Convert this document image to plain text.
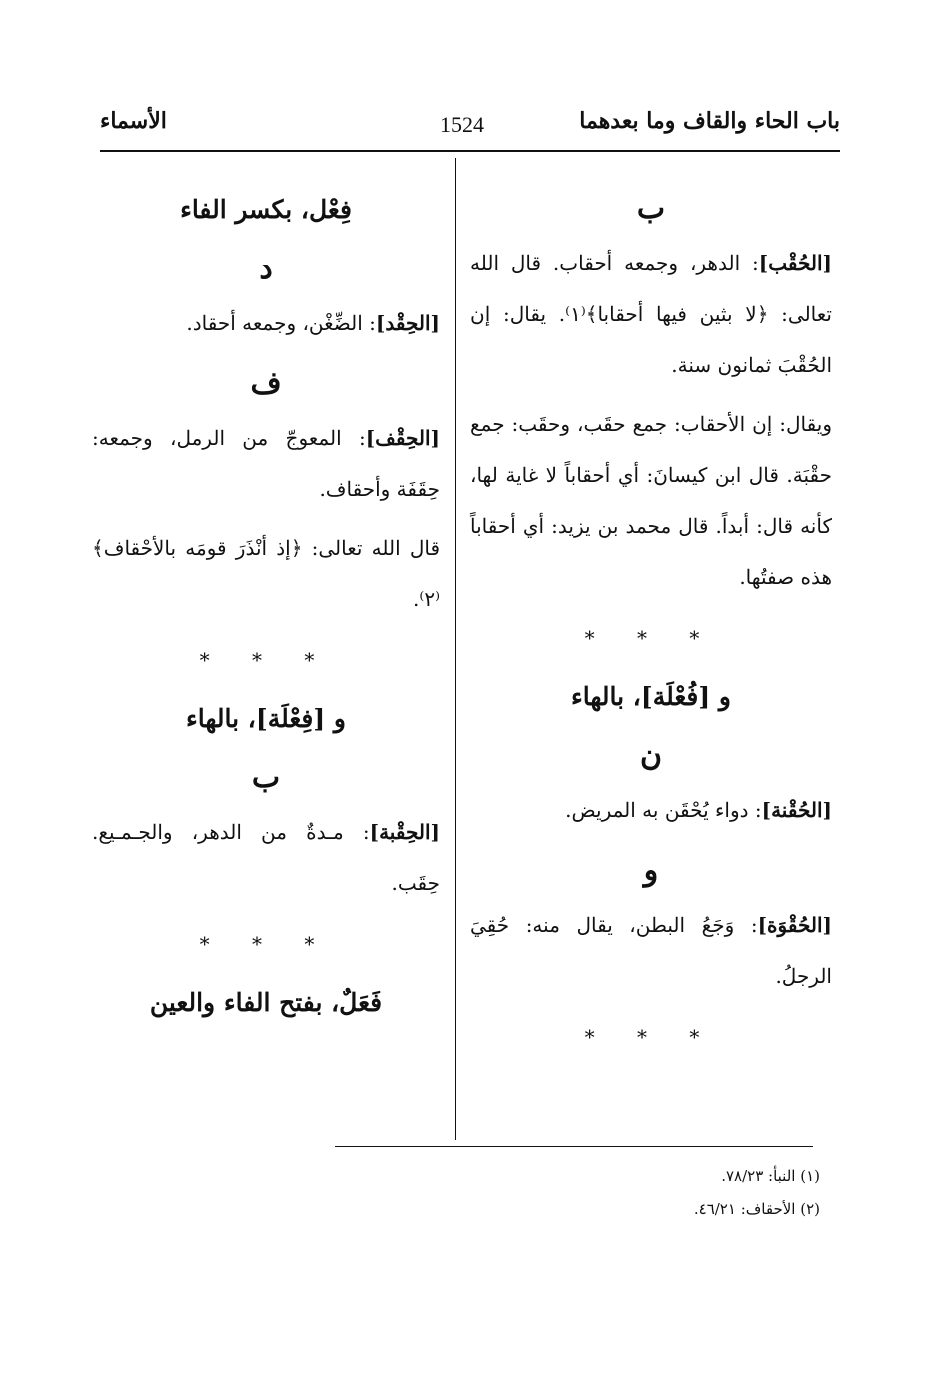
باب الحاء والقاف وما بعدهما
1524
الأسماء
ب

[الحُقْب]: الدهر، وجمعه أحقاب. قال الله تعالى: ﴿لا بثين فيها أحقابا﴾⁽١⁾. يقال: إن الحُقْبَ ثمانون سنة.

ويقال: إن الأحقاب: جمع حقَب، وحقَب: جمع حقْبَة. قال ابن كيسانَ: أي أحقاباً لا غاية لها، كأنه قال: أبداً. قال محمد بن يزيد: أي أحقاباً هذه صفتُها.

* * *
و [فُعْلَة]، بالهاء
ن

[الحُقْنة]: دواء يُحْقَن به المريض.

و

[الحُقْوَة]: وَجَعُ البطن، يقال منه: حُقِيَ الرجلُ.

* * *
فِعْل، بكسر الفاء
د

[الحِقْد]: الضِّغْن، وجمعه أحقاد.

ف

[الحِقْف]: المعوجّ من الرمل، وجمعه: حِقَفَة وأحقاف.

قال الله تعالى: ﴿إذ أنْذَرَ قومَه بالأحْقاف﴾⁽٢⁾.

* * *
و [فِعْلَة]، بالهاء
ب

[الحِقْبة]: مـدةٌ من الدهر، والجـمـيع. حِقَب.

* * *
فَعَلٌ، بفتح الفاء والعين
(١) النبأ: ٧٨/٢٣.
(٢) الأحقاف: ٤٦/٢١.
